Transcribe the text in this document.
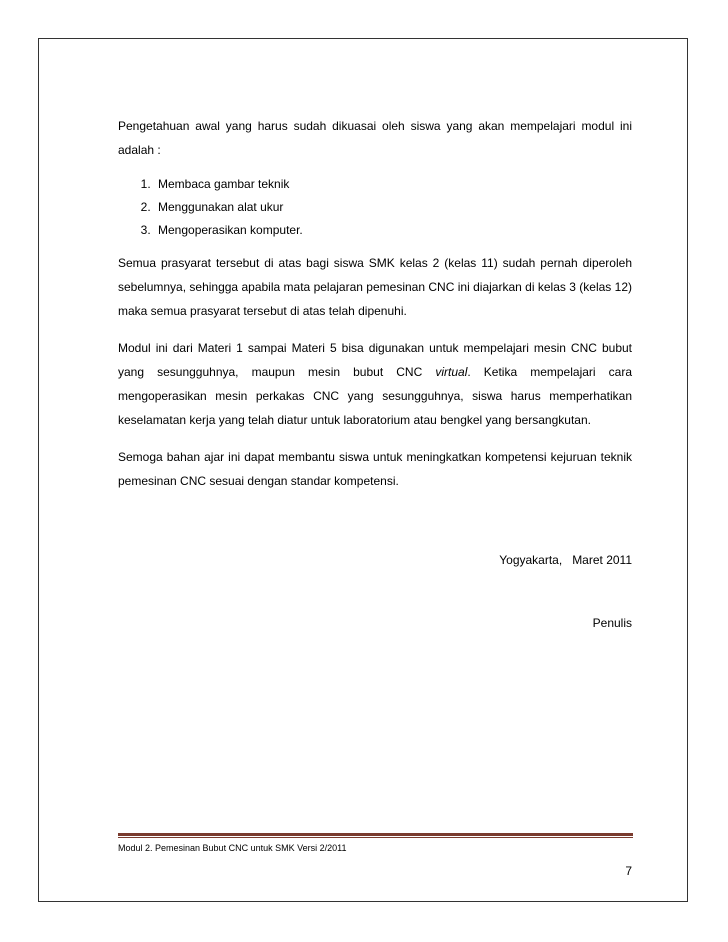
Pengetahuan awal yang harus sudah dikuasai oleh siswa yang akan mempelajari modul ini adalah :

1. Membaca gambar teknik
2. Menggunakan alat ukur
3. Mengoperasikan komputer.

Semua prasyarat tersebut di atas bagi siswa SMK kelas 2 (kelas 11) sudah pernah diperoleh sebelumnya, sehingga apabila mata pelajaran pemesinan CNC ini diajarkan di kelas 3 (kelas 12) maka semua prasyarat tersebut di atas telah dipenuhi.

Modul ini dari Materi 1 sampai Materi 5 bisa digunakan untuk mempelajari mesin CNC bubut yang sesungguhnya, maupun mesin bubut CNC virtual. Ketika mempelajari cara mengoperasikan mesin perkakas CNC yang sesungguhnya, siswa harus memperhatikan keselamatan kerja yang telah diatur untuk laboratorium atau bengkel yang bersangkutan.

Semoga bahan ajar ini dapat membantu siswa untuk meningkatkan kompetensi kejuruan teknik pemesinan CNC sesuai dengan standar kompetensi.

Yogyakarta,   Maret 2011
Penulis
Modul 2. Pemesinan Bubut CNC untuk SMK Versi 2/2011
7
